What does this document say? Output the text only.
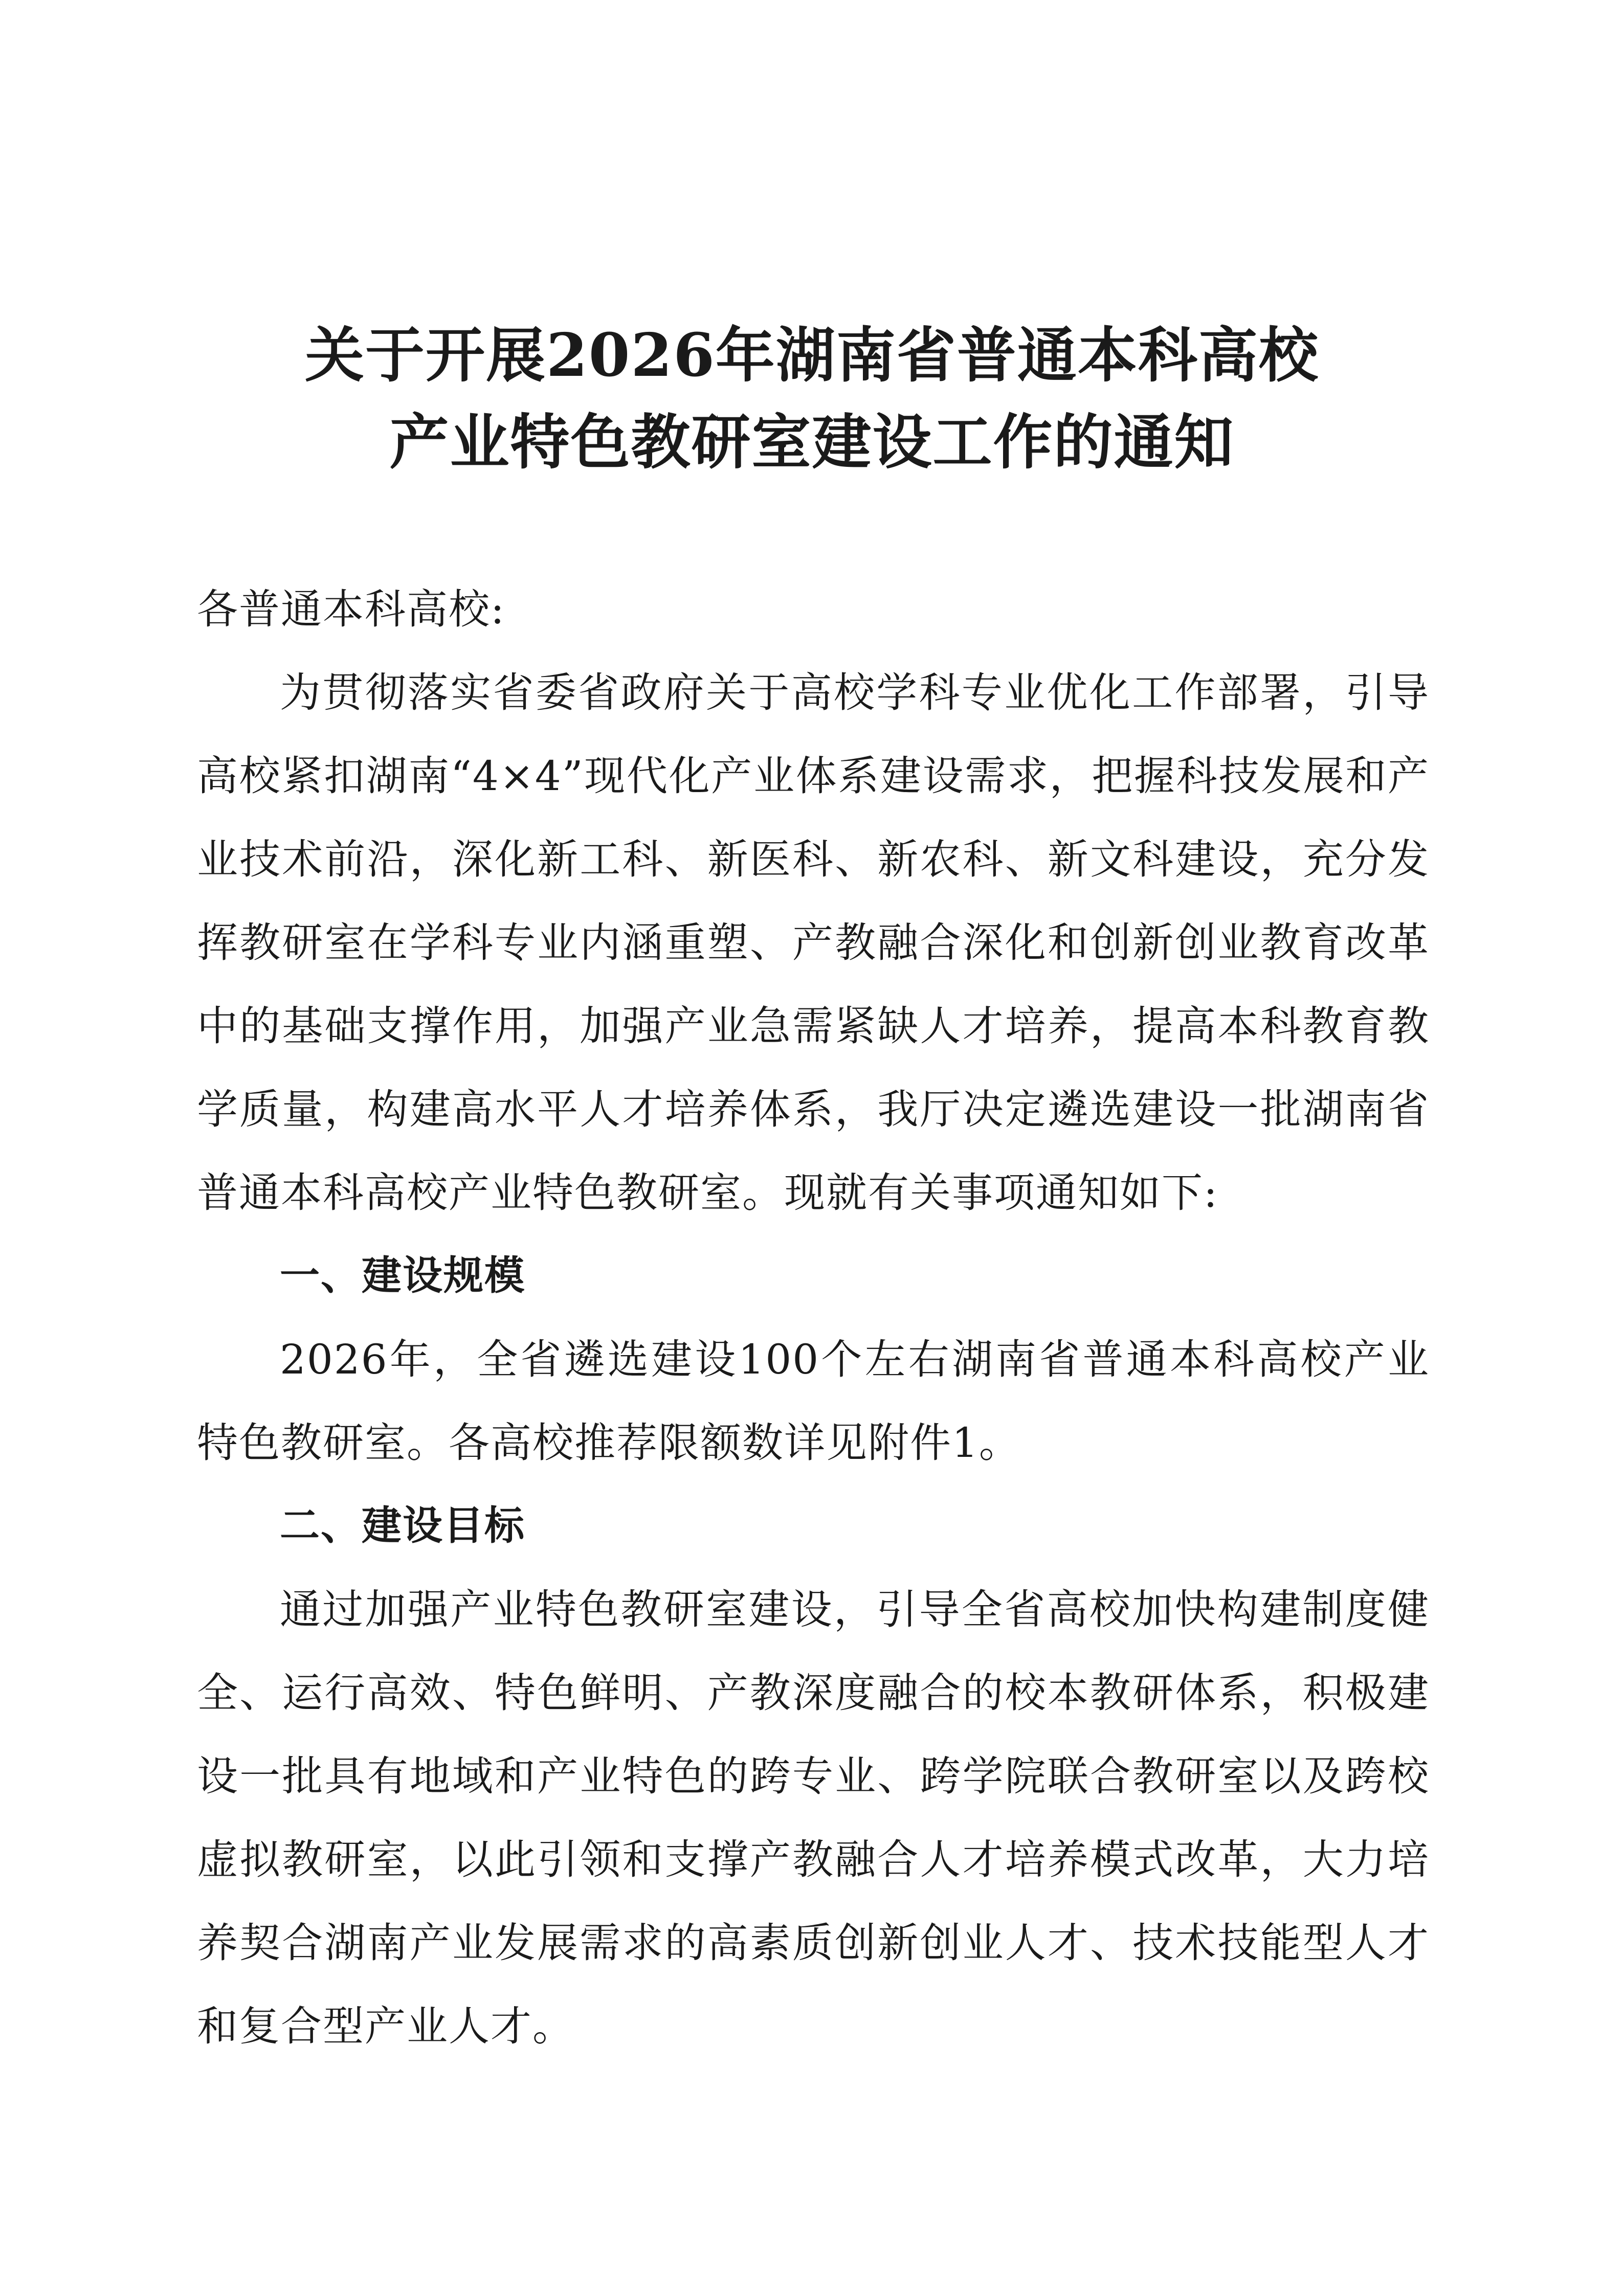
关于开展2026年湖南省普通本科高校
产业特色教研室建设工作的通知

各普通本科高校:

为贯彻落实省委省政府关于高校学科专业优化工作部署，引导高校紧扣湖南“4×4”现代化产业体系建设需求，把握科技发展和产业技术前沿，深化新工科、新医科、新农科、新文科建设，充分发挥教研室在学科专业内涵重塑、产教融合深化和创新创业教育改革中的基础支撑作用，加强产业急需紧缺人才培养，提高本科教育教学质量，构建高水平人才培养体系，我厅决定遴选建设一批湖南省普通本科高校产业特色教研室。现就有关事项通知如下:

一、建设规模

2026年，全省遴选建设100个左右湖南省普通本科高校产业特色教研室。各高校推荐限额数详见附件1。

二、建设目标

通过加强产业特色教研室建设，引导全省高校加快构建制度健全、运行高效、特色鲜明、产教深度融合的校本教研体系，积极建设一批具有地域和产业特色的跨专业、跨学院联合教研室以及跨校虚拟教研室，以此引领和支撑产教融合人才培养模式改革，大力培养契合湖南产业发展需求的高素质创新创业人才、技术技能型人才和复合型产业人才。
